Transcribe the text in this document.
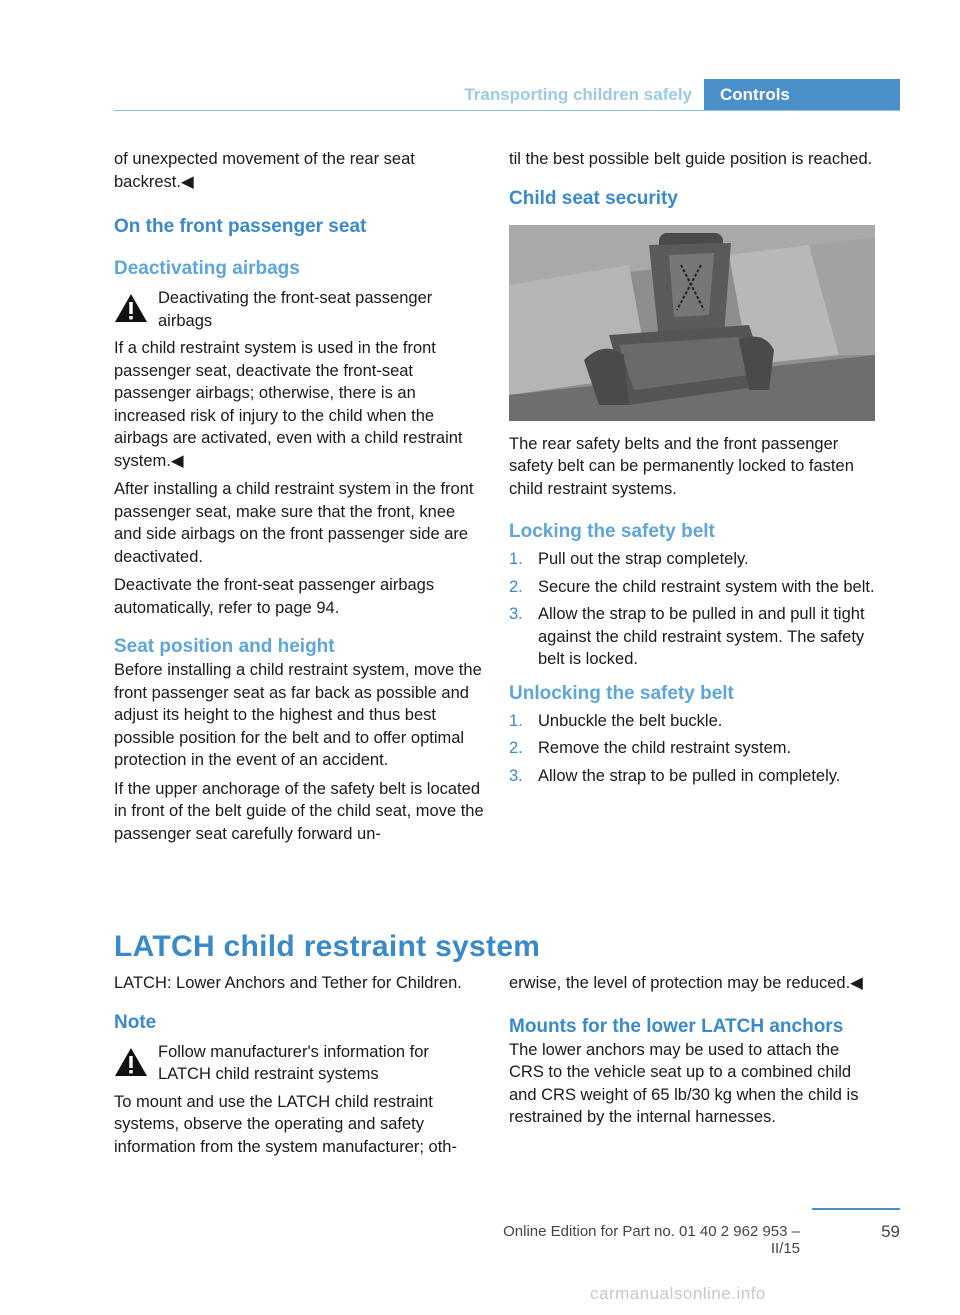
Transporting children safely	Controls

of unexpected movement of the rear seat backrest.◀

On the front passenger seat
Deactivating airbags
Deactivating the front-seat passenger airbags

If a child restraint system is used in the front passenger seat, deactivate the front-seat passenger airbags; otherwise, there is an increased risk of injury to the child when the airbags are activated, even with a child restraint system.◀

After installing a child restraint system in the front passenger seat, make sure that the front, knee and side airbags on the front passenger side are deactivated.

Deactivate the front-seat passenger airbags automatically, refer to page 94.

Seat position and height

Before installing a child restraint system, move the front passenger seat as far back as possible and adjust its height to the highest and thus best possible position for the belt and to offer optimal protection in the event of an accident.

If the upper anchorage of the safety belt is located in front of the belt guide of the child seat, move the passenger seat carefully forward un-

til the best possible belt guide position is reached.

Child seat security

The rear safety belts and the front passenger safety belt can be permanently locked to fasten child restraint systems.

Locking the safety belt
1. Pull out the strap completely.
2. Secure the child restraint system with the belt.
3. Allow the strap to be pulled in and pull it tight against the child restraint system. The safety belt is locked.
Unlocking the safety belt
1. Unbuckle the belt buckle.
2. Remove the child restraint system.
3. Allow the strap to be pulled in completely.
LATCH child restraint system

LATCH: Lower Anchors and Tether for Children.

Note
Follow manufacturer's information for LATCH child restraint systems

To mount and use the LATCH child restraint systems, observe the operating and safety information from the system manufacturer; oth-

erwise, the level of protection may be reduced.◀

Mounts for the lower LATCH anchors

The lower anchors may be used to attach the CRS to the vehicle seat up to a combined child and CRS weight of 65 lb/30 kg when the child is restrained by the internal harnesses.

Online Edition for Part no. 01 40 2 962 953 – II/15
59
carmanualsonline.info
